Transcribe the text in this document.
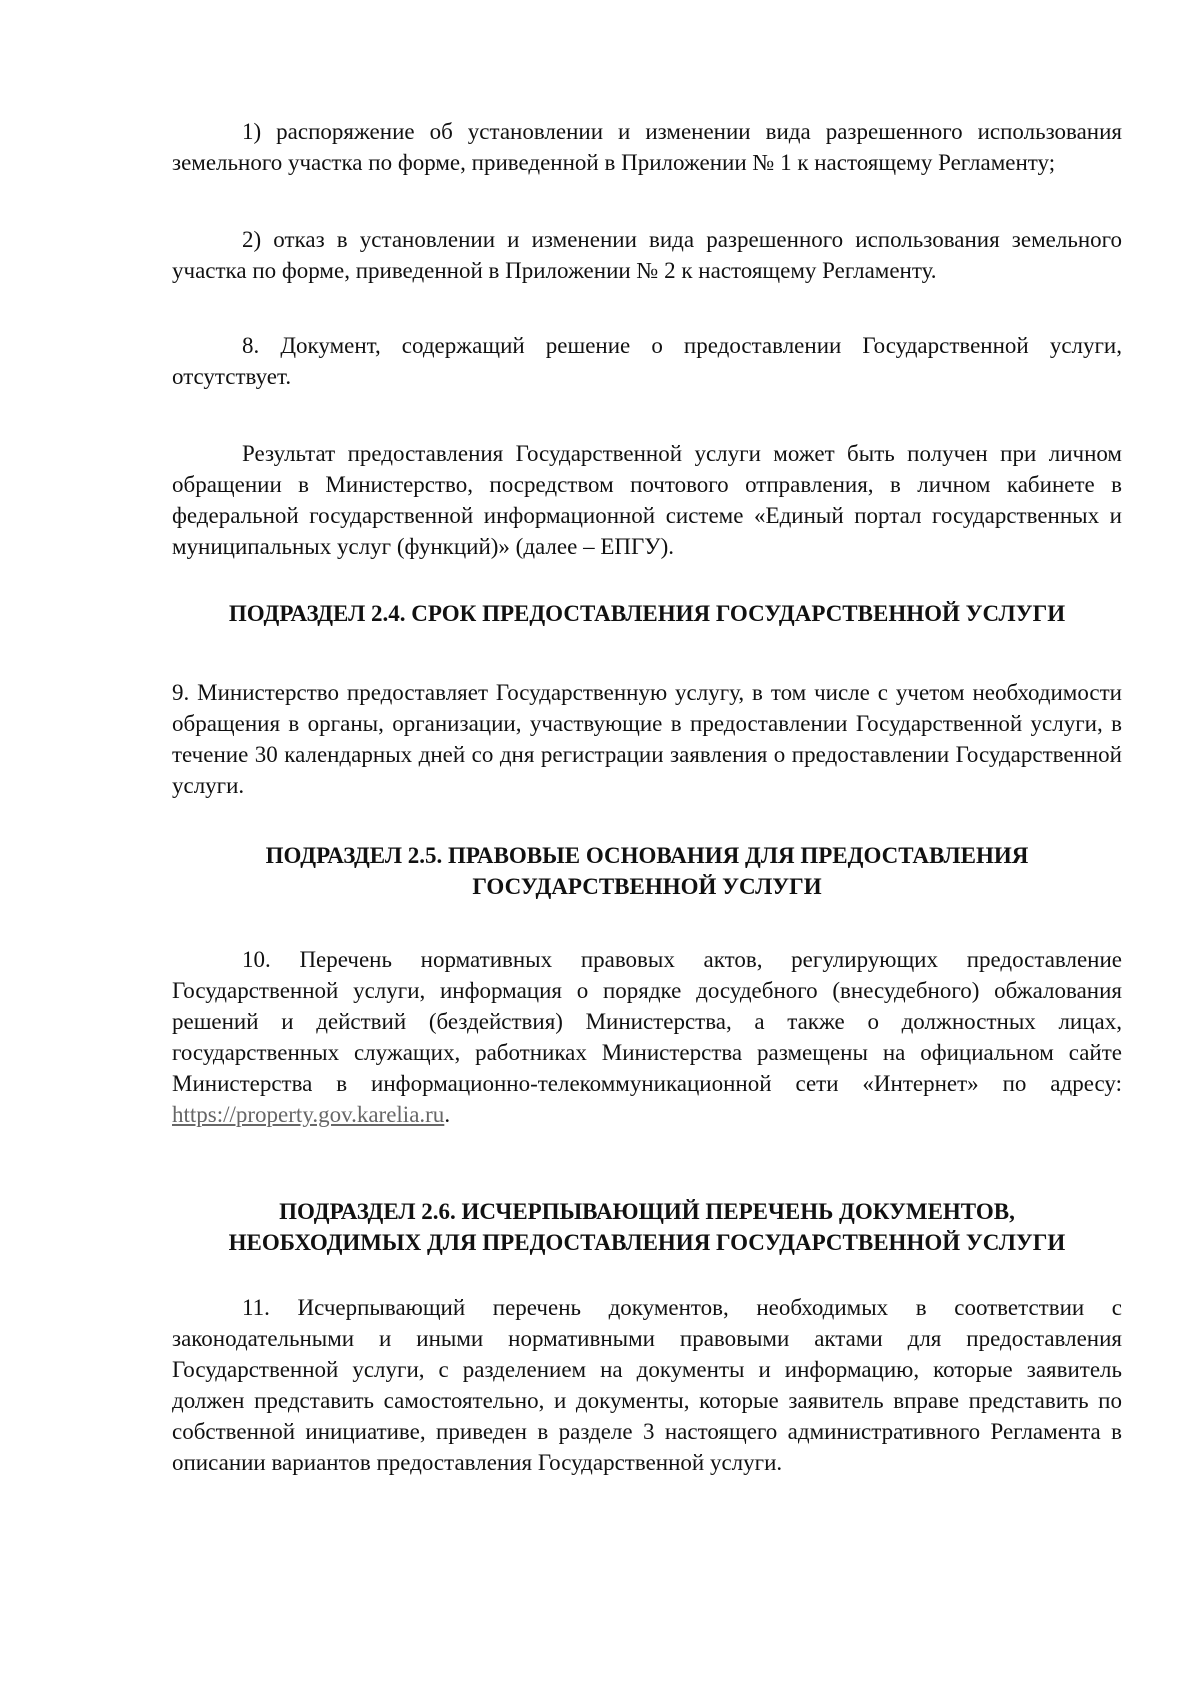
1) распоряжение об установлении и изменении вида разрешенного использования земельного участка по форме, приведенной в Приложении № 1 к настоящему Регламенту;

2) отказ в установлении и изменении вида разрешенного использования земельного участка по форме, приведенной в Приложении № 2 к настоящему Регламенту.

8. Документ, содержащий решение о предоставлении Государственной услуги, отсутствует.

Результат предоставления Государственной услуги может быть получен при личном обращении в Министерство, посредством почтового отправления, в личном кабинете в федеральной государственной информационной системе «Единый портал государственных и муниципальных услуг (функций)» (далее – ЕПГУ).

ПОДРАЗДЕЛ 2.4. СРОК ПРЕДОСТАВЛЕНИЯ ГОСУДАРСТВЕННОЙ УСЛУГИ

9. Министерство предоставляет Государственную услугу, в том числе с учетом необходимости обращения в органы, организации, участвующие в предоставлении Государственной услуги, в течение 30 календарных дней со дня регистрации заявления о предоставлении Государственной услуги.

ПОДРАЗДЕЛ 2.5. ПРАВОВЫЕ ОСНОВАНИЯ ДЛЯ ПРЕДОСТАВЛЕНИЯ
ГОСУДАРСТВЕННОЙ УСЛУГИ

10. Перечень нормативных правовых актов, регулирующих предоставление Государственной услуги, информация о порядке досудебного (внесудебного) обжалования решений и действий (бездействия) Министерства, а также о должностных лицах, государственных служащих, работниках Министерства размещены на официальном сайте Министерства в информационно-телекоммуникационной сети «Интернет» по адресу: https://property.gov.karelia.ru.

ПОДРАЗДЕЛ 2.6. ИСЧЕРПЫВАЮЩИЙ ПЕРЕЧЕНЬ ДОКУМЕНТОВ,
НЕОБХОДИМЫХ ДЛЯ ПРЕДОСТАВЛЕНИЯ ГОСУДАРСТВЕННОЙ УСЛУГИ

11. Исчерпывающий перечень документов, необходимых в соответствии с законодательными и иными нормативными правовыми актами для предоставления Государственной услуги, с разделением на документы и информацию, которые заявитель должен представить самостоятельно, и документы, которые заявитель вправе представить по собственной инициативе, приведен в разделе 3 настоящего административного Регламента в описании вариантов предоставления Государственной услуги.
